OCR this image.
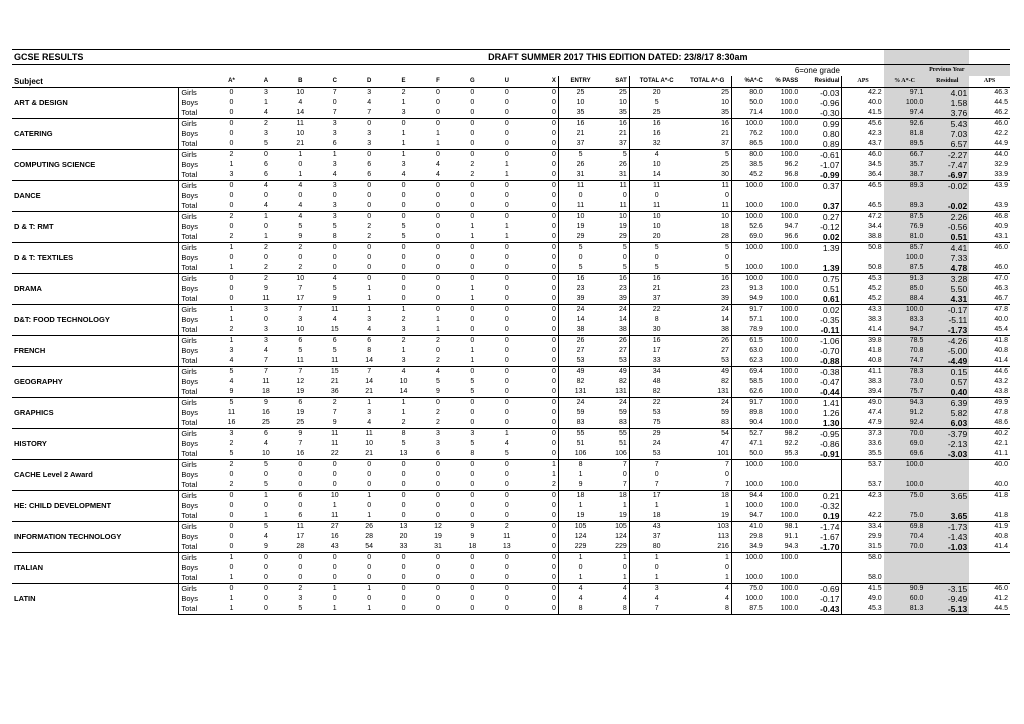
GCSE RESULTS						DRAFT SUMMER 2017 THIS EDITION DATED: 23/8/17 8:30am																
																6=one grade				Previous Year		
Subject		A*	A	B	C	D	E	F	G	U	X	ENTRY	SAT	TOTAL A*-C	TOTAL A*-G	%A*-C	% PASS	Residual	APS	% A*-C	Residual	APS
ART & DESIGN	Girls	0	3	10	7	3	2	0	0	0	0	25	25	20	25	80.0	100.0	-0.03	42.2	97.1	4.01	46.3
	Boys	0	1	4	0	4	1	0	0	0	0	10	10	5	10	50.0	100.0	-0.96	40.0	100.0	1.58	44.5
	Total	0	4	14	7	7	3	0	0	0	0	35	35	25	35	71.4	100.0	-0.30	41.5	97.4	3.76	46.2
CATERING	Girls	0	2	11	3	0	0	0	0	0	0	16	16	16	16	100.0	100.0	0.99	45.6	92.6	5.43	46.0
	Boys	0	3	10	3	3	1	1	0	0	0	21	21	16	21	76.2	100.0	0.80	42.3	81.8	7.03	42.2
	Total	0	5	21	6	3	1	1	0	0	0	37	37	32	37	86.5	100.0	0.89	43.7	89.5	6.57	44.9
COMPUTING SCIENCE	Girls	2	0	1	1	0	1	0	0	0	0	5	5	4	5	80.0	100.0	-0.61	46.0	66.7	-2.27	44.0
	Boys	1	6	0	3	6	3	4	2	1	0	26	26	10	25	38.5	96.2	-1.07	34.5	35.7	-7.47	32.9
	Total	3	6	1	4	6	4	4	2	1	0	31	31	14	30	45.2	96.8	-0.99	36.4	38.7	-6.97	33.9
DANCE	Girls	0	4	4	3	0	0	0	0	0	0	11	11	11	11	100.0	100.0	0.37	46.5	89.3	-0.02	43.9
	Boys	0	0	0	0	0	0	0	0	0	0	0	0	0	0							
	Total	0	4	4	3	0	0	0	0	0	0	11	11	11	11	100.0	100.0	0.37	46.5	89.3	-0.02	43.9
D & T: RMT	Girls	2	1	4	3	0	0	0	0	0	0	10	10	10	10	100.0	100.0	0.27	47.2	87.5	2.26	46.8
	Boys	0	0	5	5	2	5	0	1	1	0	19	19	10	18	52.6	94.7	-0.12	34.4	76.9	-0.56	40.9
	Total	2	1	9	8	2	5	0	1	1	0	29	29	20	28	69.0	96.6	0.02	38.8	81.0	0.51	43.1
D & T: TEXTILES	Girls	1	2	2	0	0	0	0	0	0	0	5	5	5	5	100.0	100.0	1.39	50.8	85.7	4.41	46.0
	Boys	0	0	0	0	0	0	0	0	0	0	0	0	0	0					100.0	7.33	
	Total	1	2	2	0	0	0	0	0	0	0	5	5	5	5	100.0	100.0	1.39	50.8	87.5	4.78	46.0
DRAMA	Girls	0	2	10	4	0	0	0	0	0	0	16	16	16	16	100.0	100.0	0.75	45.3	91.3	3.28	47.0
	Boys	0	9	7	5	1	0	0	1	0	0	23	23	21	23	91.3	100.0	0.51	45.2	85.0	5.50	46.3
	Total	0	11	17	9	1	0	0	1	0	0	39	39	37	39	94.9	100.0	0.61	45.2	88.4	4.31	46.7
D&T: FOOD TECHNOLOGY	Girls	1	3	7	11	1	1	0	0	0	0	24	24	22	24	91.7	100.0	0.02	43.3	100.0	-0.17	47.8
	Boys	1	0	3	4	3	2	1	0	0	0	14	14	8	14	57.1	100.0	-0.35	38.3	83.3	-5.11	40.0
	Total	2	3	10	15	4	3	1	0	0	0	38	38	30	38	78.9	100.0	-0.11	41.4	94.7	-1.73	45.4
FRENCH	Girls	1	3	6	6	6	2	2	0	0	0	26	26	16	26	61.5	100.0	-1.06	39.8	78.5	-4.26	41.8
	Boys	3	4	5	5	8	1	0	1	0	0	27	27	17	27	63.0	100.0	-0.70	41.8	70.8	-5.00	40.8
	Total	4	7	11	11	14	3	2	1	0	0	53	53	33	53	62.3	100.0	-0.88	40.8	74.7	-4.49	41.4
GEOGRAPHY	Girls	5	7	7	15	7	4	4	0	0	0	49	49	34	49	69.4	100.0	-0.38	41.1	78.3	0.15	44.6
	Boys	4	11	12	21	14	10	5	5	0	0	82	82	48	82	58.5	100.0	-0.47	38.3	73.0	0.57	43.2
	Total	9	18	19	36	21	14	9	5	0	0	131	131	82	131	62.6	100.0	-0.44	39.4	75.7	0.40	43.8
GRAPHICS	Girls	5	9	6	2	1	1	0	0	0	0	24	24	22	24	91.7	100.0	1.41	49.0	94.3	6.39	49.9
	Boys	11	16	19	7	3	1	2	0	0	0	59	59	53	59	89.8	100.0	1.26	47.4	91.2	5.82	47.8
	Total	16	25	25	9	4	2	2	0	0	0	83	83	75	83	90.4	100.0	1.30	47.9	92.4	6.03	48.6
HISTORY	Girls	3	6	9	11	11	8	3	3	1	0	55	55	29	54	52.7	98.2	-0.95	37.3	70.0	-3.79	40.2
	Boys	2	4	7	11	10	5	3	5	4	0	51	51	24	47	47.1	92.2	-0.86	33.6	69.0	-2.13	42.1
	Total	5	10	16	22	21	13	6	8	5	0	106	106	53	101	50.0	95.3	-0.91	35.5	69.6	-3.03	41.1
CACHE Level 2 Award	Girls	2	5	0	0	0	0	0	0	0	1	8	7	7	7	100.0	100.0		53.7	100.0		40.0
	Boys	0	0	0	0	0	0	0	0	0	1	1	0	0	0							
	Total	2	5	0	0	0	0	0	0	0	2	9	7	7	7	100.0	100.0		53.7	100.0		40.0
HE: CHILD DEVELOPMENT	Girls	0	1	6	10	1	0	0	0	0	0	18	18	17	18	94.4	100.0	0.21	42.3	75.0	3.65	41.8
	Boys	0	0	0	1	0	0	0	0	0	0	1	1	1	1	100.0	100.0	-0.32				
	Total	0	1	6	11	1	0	0	0	0	0	19	19	18	19	94.7	100.0	0.19	42.2	75.0	3.65	41.8
INFORMATION TECHNOLOGY	Girls	0	5	11	27	26	13	12	9	2	0	105	105	43	103	41.0	98.1	-1.74	33.4	69.8	-1.73	41.9
	Boys	0	4	17	16	28	20	19	9	11	0	124	124	37	113	29.8	91.1	-1.67	29.9	70.4	-1.43	40.8
	Total	0	9	28	43	54	33	31	18	13	0	229	229	80	216	34.9	94.3	-1.70	31.5	70.0	-1.03	41.4
ITALIAN	Girls	1	0	0	0	0	0	0	0	0	0	1	1	1	1	100.0	100.0		58.0			
	Boys	0	0	0	0	0	0	0	0	0	0	0	0	0	0							
	Total	1	0	0	0	0	0	0	0	0	0	1	1	1	1	100.0	100.0		58.0			
LATIN	Girls	0	0	2	1	1	0	0	0	0	0	4	4	3	4	75.0	100.0	-0.69	41.5	90.9	-3.15	46.0
	Boys	1	0	3	0	0	0	0	0	0	0	4	4	4	4	100.0	100.0	-0.17	49.0	60.0	-9.49	41.2
	Total	1	0	5	1	1	0	0	0	0	0	8	8	7	8	87.5	100.0	-0.43	45.3	81.3	-5.13	44.5
